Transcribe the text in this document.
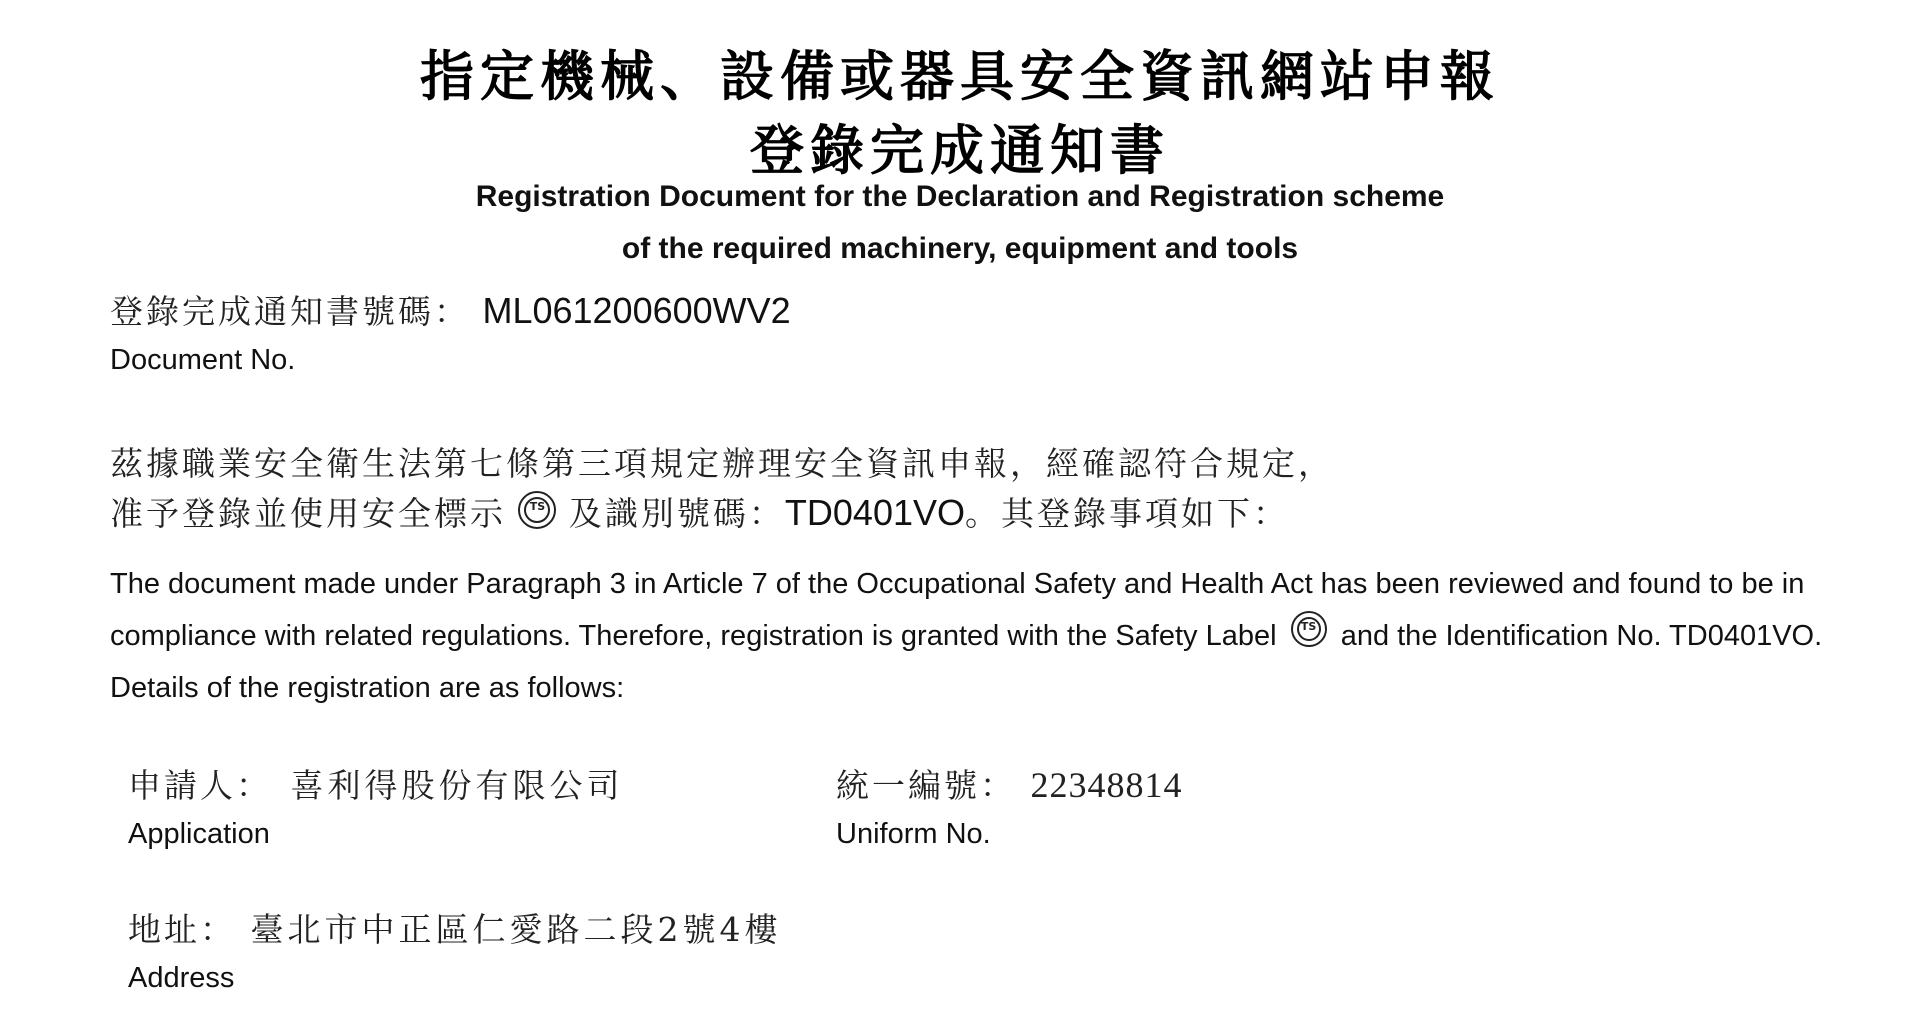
指定機械、設備或器具安全資訊網站申報
登錄完成通知書
Registration Document for the Declaration and Registration scheme
of the required machinery, equipment and tools
登錄完成通知書號碼： ML061200600WV2
Document No.
茲據職業安全衛生法第七條第三項規定辦理安全資訊申報，經確認符合規定，
准予登錄並使用安全標示	TS 及識別號碼：TD0401VO。其登錄事項如下：
The document made under Paragraph 3 in Article 7 of the Occupational Safety and Health Act has been reviewed and found to be in compliance with related regulations. Therefore, registration is granted with the Safety Label	TS and the Identification No. TD0401VO. Details of the registration are as follows:
申請人： 喜利得股份有限公司
Application
統一編號： 22348814
Uniform No.
地址： 臺北市中正區仁愛路二段2號4樓
Address
